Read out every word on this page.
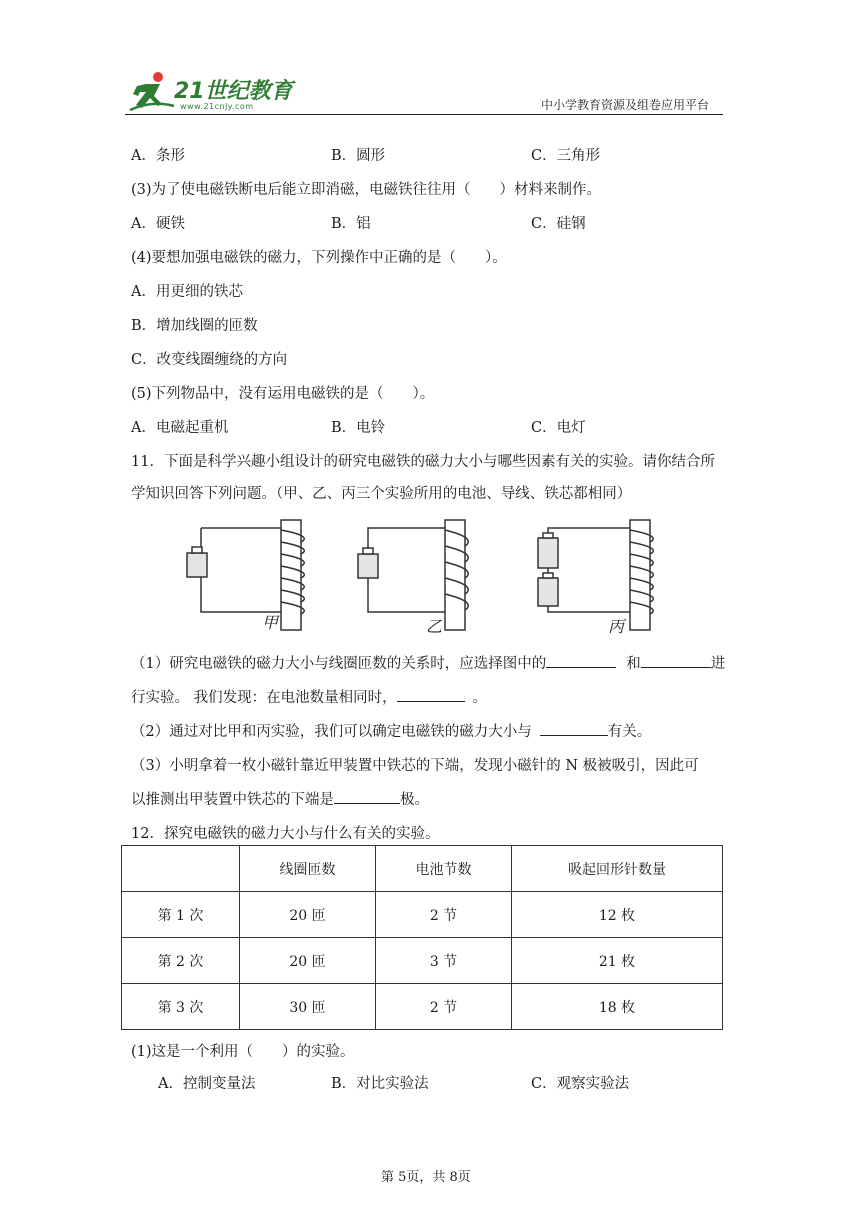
21世纪教育
www.21cnjy.com	中小学教育资源及组卷应用平台
A．条形	B．圆形	C．三角形
(3)为了使电磁铁断电后能立即消磁，电磁铁往往用（　　）材料来制作。
A．硬铁	B．铝	C．硅钢
(4)要想加强电磁铁的磁力，下列操作中正确的是（　　）。
A．用更细的铁芯
B．增加线圈的匝数
C．改变线圈缠绕的方向
(5)下列物品中，没有运用电磁铁的是（　　）。
A．电磁起重机	B．电铃	C．电灯
11．下面是科学兴趣小组设计的研究电磁铁的磁力大小与哪些因素有关的实验。请你结合所
学知识回答下列问题。（甲、乙、丙三个实验所用的电池、导线、铁芯都相同）
甲	乙	丙
（1）研究电磁铁的磁力大小与线圈匝数的关系时，应选择图中的	和	进
行实验。 我们发现：在电池数量相同时，	。
（2）通过对比甲和丙实验，我们可以确定电磁铁的磁力大小与	有关。
（3）小明拿着一枚小磁针靠近甲装置中铁芯的下端，发现小磁针的 N 极被吸引，因此可
以推测出甲装置中铁芯的下端是	极。
12．探究电磁铁的磁力大小与什么有关的实验。
	线圈匝数	电池节数	吸起回形针数量
第 1 次	20 匝	2 节	12 枚
第 2 次	20 匝	3 节	21 枚
第 3 次	30 匝	2 节	18 枚
(1)这是一个利用（　　）的实验。
A．控制变量法	B．对比实验法	C．观察实验法
第 5页，共 8页
